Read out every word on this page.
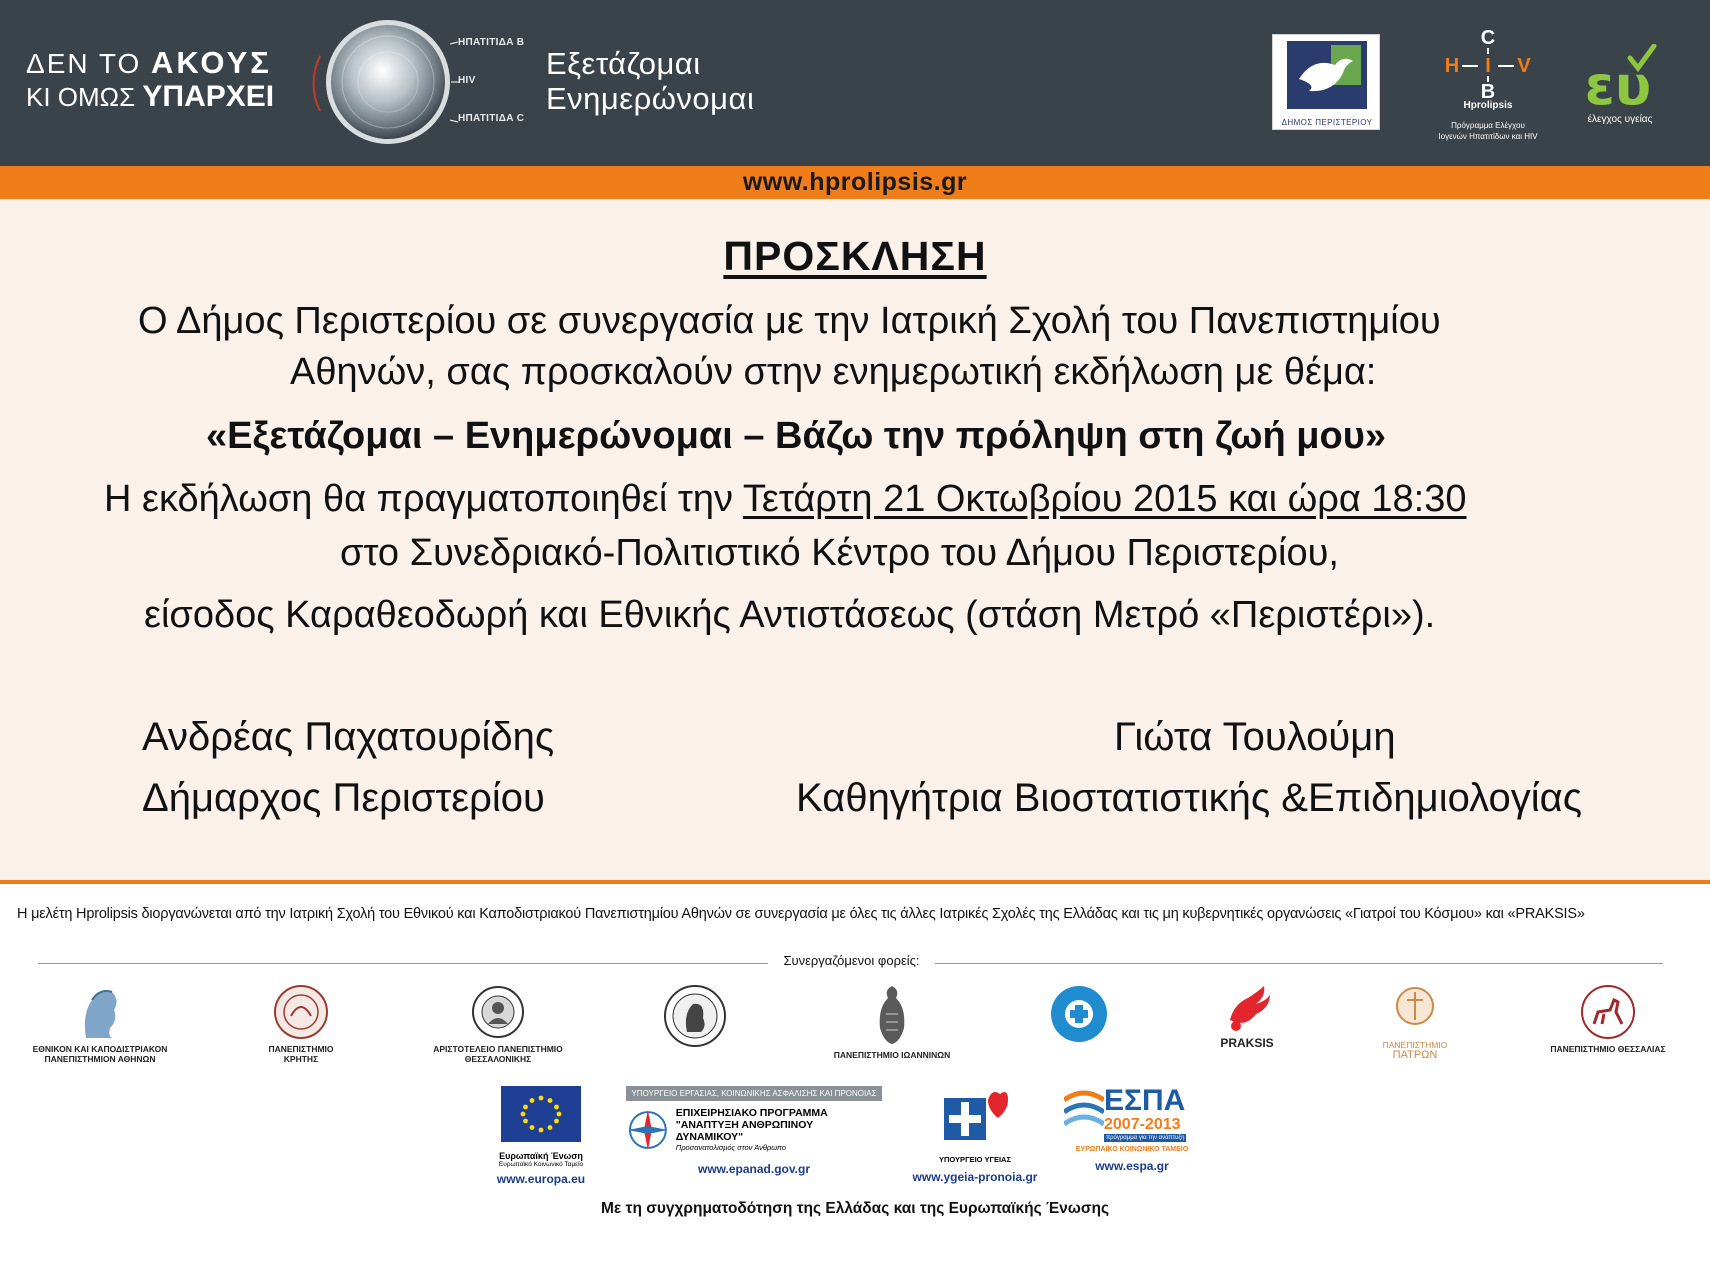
ΔΕΝ ΤΟ ΑΚΟΥΣ
ΚΙ ΟΜΩΣ ΥΠΑΡΧΕΙ
ΗΠΑΤΙΤΙΔΑ Β
HIV
ΗΠΑΤΙΤΙΔΑ C
Εξετάζομαι
Ενημερώνομαι
ΔΗΜΟΣ ΠΕΡΙΣΤΕΡΙΟΥ
C
H I V
B
Hprolipsis
Πρόγραμμα Ελέγχου
Ιογενών Ηπατιτίδων και HIV
ευ
έλεγχος υγείας
www.hprolipsis.gr
ΠΡΟΣΚΛΗΣΗ
Ο Δήμος Περιστερίου σε συνεργασία με την Ιατρική Σχολή του Πανεπιστημίου
Αθηνών, σας προσκαλούν στην ενημερωτική εκδήλωση με θέμα:
«Εξετάζομαι – Ενημερώνομαι – Βάζω την πρόληψη στη ζωή μου»
Η εκδήλωση θα πραγματοποιηθεί την Τετάρτη 21 Οκτωβρίου 2015 και ώρα 18:30
στο Συνεδριακό-Πολιτιστικό Κέντρο του Δήμου Περιστερίου,
είσοδος Καραθεοδωρή και Εθνικής Αντιστάσεως (στάση Μετρό «Περιστέρι»).
Ανδρέας Παχατουρίδης
Δήμαρχος Περιστερίου
Γιώτα Τουλούμη
Καθηγήτρια Βιοστατιστικής &Επιδημιολογίας
Η μελέτη Hprolipsis διοργανώνεται από την Ιατρική Σχολή του Εθνικού και Καποδιστριακού Πανεπιστημίου Αθηνών σε συνεργασία με όλες τις άλλες Ιατρικές Σχολές της Ελλάδας και τις μη κυβερνητικές οργανώσεις «Γιατροί του Κόσμου» και «PRAKSIS»
Συνεργαζόμενοι φορείς:
ΕΘΝΙΚΟΝ ΚΑΙ ΚΑΠΟΔΙΣΤΡΙΑΚΟΝ
ΠΑΝΕΠΙΣΤΗΜΙΟΝ ΑΘΗΝΩΝ
ΠΑΝΕΠΙΣΤΗΜΙΟ
ΚΡΗΤΗΣ
ΑΡΙΣΤΟΤΕΛΕΙΟ ΠΑΝΕΠΙΣΤΗΜΙΟ
ΘΕΣΣΑΛΟΝΙΚΗΣ	ΠΑΝΕΠΙΣΤΗΜΙΟ ΙΩΑΝΝΙΝΩΝ
PRAKSIS	ΠΑΝΕΠΙΣΤΗΜΙΟ
ΠΑΤΡΩΝ	ΠΑΝΕΠΙΣΤΗΜΙΟ ΘΕΣΣΑΛΙΑΣ
Ευρωπαϊκή Ένωση
Ευρωπαϊκό Κοινωνικό Ταμείο
www.europa.eu
ΥΠΟΥΡΓΕΙΟ ΕΡΓΑΣΙΑΣ, ΚΟΙΝΩΝΙΚΗΣ ΑΣΦΑΛΙΣΗΣ ΚΑΙ ΠΡΟΝΟΙΑΣ
ΕΠΙΧΕΙΡΗΣΙΑΚΟ ΠΡΟΓΡΑΜΜΑ
"ΑΝΑΠΤΥΞΗ ΑΝΘΡΩΠΙΝΟΥ ΔΥΝΑΜΙΚΟΥ"
Προσανατολισμός στον Άνθρωπο
www.epanad.gov.gr
ΥΠΟΥΡΓΕΙΟ ΥΓΕΙΑΣ
www.ygeia-pronoia.gr
ΕΣΠΑ
2007-2013
πρόγραμμα για την ανάπτυξη
ΕΥΡΩΠΑΪΚΟ ΚΟΙΝΩΝΙΚΟ ΤΑΜΕΙΟ
www.espa.gr
Με τη συγχρηματοδότηση της Ελλάδας και της Ευρωπαϊκής Ένωσης
